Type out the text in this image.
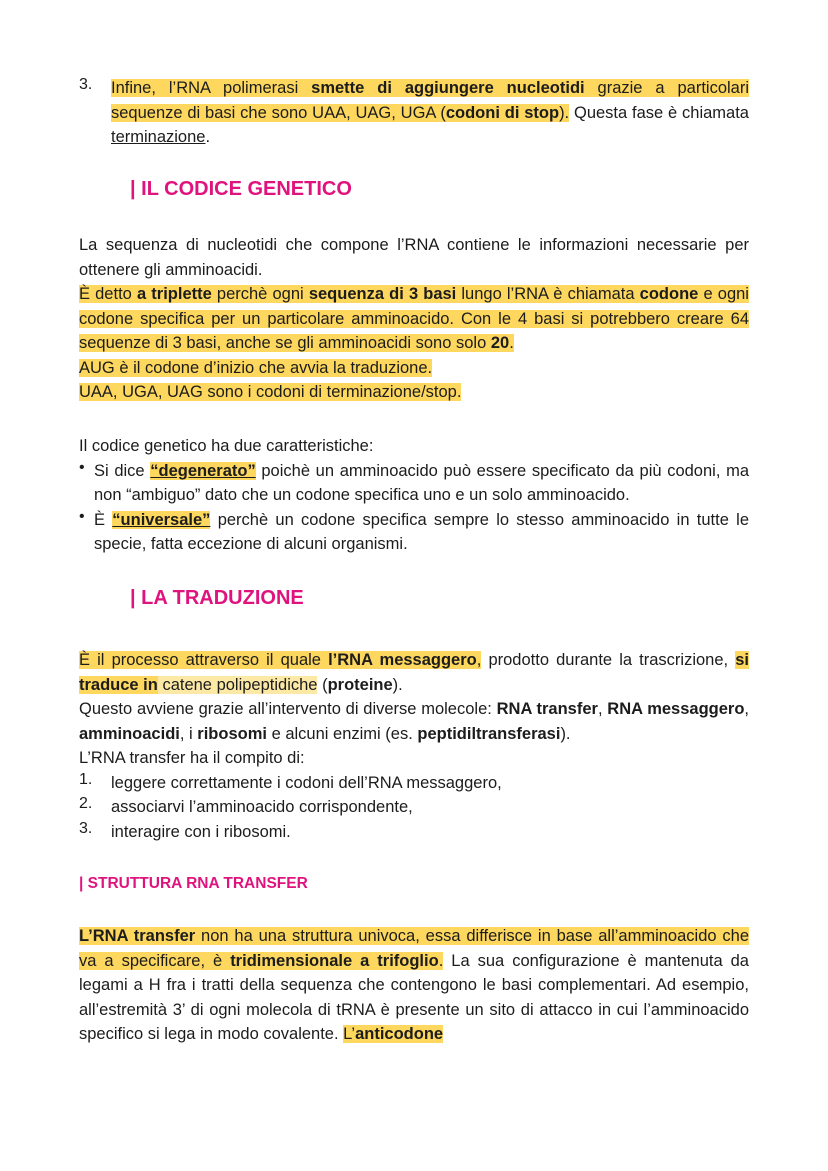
3.	Infine, l’RNA polimerasi smette di aggiungere nucleotidi grazie a particolari sequenze di basi che sono UAA, UAG, UGA (codoni di stop). Questa fase è chiamata terminazione.

| IL CODICE GENETICO

La sequenza di nucleotidi che compone l’RNA contiene le informazioni necessarie per ottenere gli amminoacidi.

È detto a triplette perchè ogni sequenza di 3 basi lungo l’RNA è chiamata codone e ogni codone specifica per un particolare amminoacido. Con le 4 basi si potrebbero creare 64 sequenze di 3 basi, anche se gli amminoacidi sono solo 20.

AUG è il codone d’inizio che avvia la traduzione.

UAA, UGA, UAG sono i codoni di terminazione/stop.

Il codice genetico ha due caratteristiche:

• Si dice “degenerato” poichè un amminoacido può essere specificato da più codoni, ma non “ambiguo” dato che un codone specifica uno e un solo amminoacido.

• È “universale” perchè un codone specifica sempre lo stesso amminoacido in tutte le specie, fatta eccezione di alcuni organismi.

| LA TRADUZIONE

È il processo attraverso il quale l’RNA messaggero, prodotto durante la trascrizione, si traduce in catene polipeptidiche (proteine).

Questo avviene grazie all’intervento di diverse molecole: RNA transfer, RNA messaggero, amminoacidi, i ribosomi e alcuni enzimi (es. peptidiltransferasi).

L’RNA transfer ha il compito di:

1.	leggere correttamente i codoni dell’RNA messaggero,
2.	associarvi l’amminoacido corrispondente,
3.	interagire con i ribosomi.
| STRUTTURA RNA TRANSFER

L’RNA transfer non ha una struttura univoca, essa differisce in base all’amminoacido che va a specificare, è tridimensionale a trifoglio. La sua configurazione è mantenuta da legami a H fra i tratti della sequenza che contengono le basi complementari. Ad esempio, all’estremità 3’ di ogni molecola di tRNA è presente un sito di attacco in cui l’amminoacido specifico si lega in modo covalente. L’anticodone
